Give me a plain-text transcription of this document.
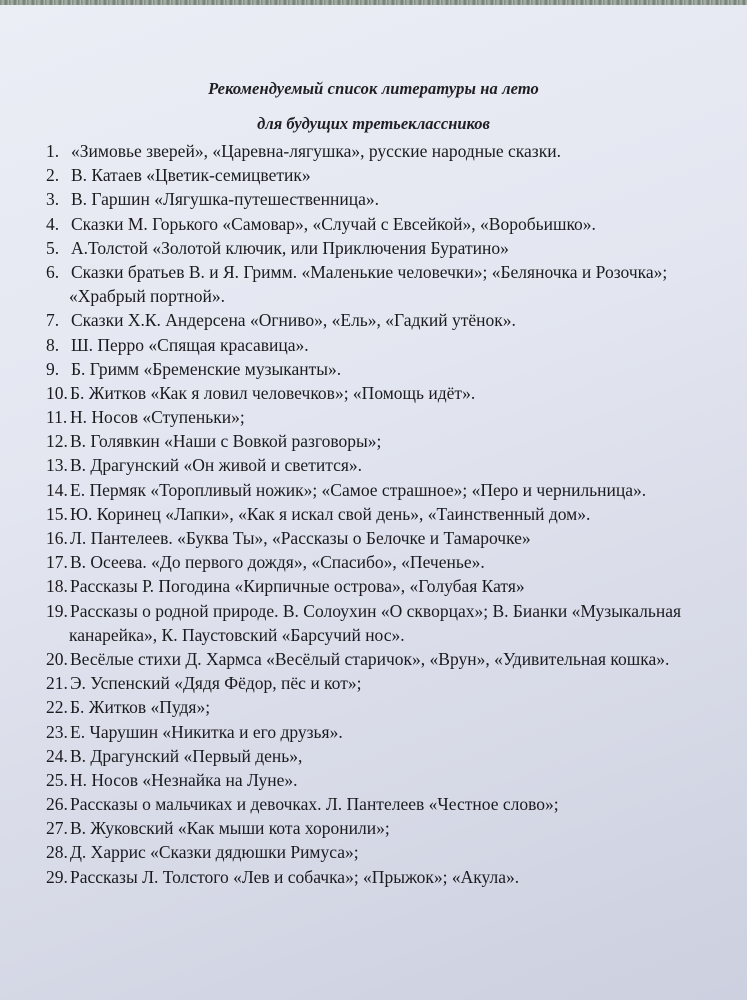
Рекомендуемый список литературы на лето
для будущих третьеклассников
1. «Зимовье зверей», «Царевна-лягушка», русские народные сказки.
2. В. Катаев «Цветик-семицветик»
3. В. Гаршин «Лягушка-путешественница».
4. Сказки М. Горького «Самовар», «Случай с Евсейкой», «Воробьишко».
5. А.Толстой «Золотой ключик, или Приключения Буратино»
6. Сказки братьев В. и Я. Гримм. «Маленькие человечки»; «Беляночка и Розочка»;
«Храбрый портной».
7. Сказки Х.К. Андерсена «Огниво», «Ель», «Гадкий утёнок».
8. Ш. Перро «Спящая красавица».
9. Б. Гримм «Бременские музыканты».
10. Б. Житков «Как я ловил человечков»; «Помощь идёт».
11. Н. Носов «Ступеньки»;
12. В. Голявкин «Наши с Вовкой разговоры»;
13. В. Драгунский «Он живой и светится».
14. Е. Пермяк «Торопливый ножик»; «Самое страшное»; «Перо и чернильница».
15. Ю. Коринец «Лапки», «Как я искал свой день», «Таинственный дом».
16. Л. Пантелеев. «Буква Ты», «Рассказы о Белочке и Тамарочке»
17. В. Осеева. «До первого дождя», «Спасибо», «Печенье».
18. Рассказы Р. Погодина «Кирпичные острова», «Голубая Катя»
19. Рассказы о родной природе. В. Солоухин «О скворцах»; В. Бианки «Музыкальная
канарейка», К. Паустовский «Барсучий нос».
20. Весёлые стихи Д. Хармса «Весёлый старичок», «Врун», «Удивительная кошка».
21. Э. Успенский «Дядя Фёдор, пёс и кот»;
22. Б. Житков «Пудя»;
23. Е. Чарушин «Никитка и его друзья».
24. В. Драгунский «Первый день»,
25. Н. Носов «Незнайка на Луне».
26. Рассказы о мальчиках и девочках. Л. Пантелеев «Честное слово»;
27. В. Жуковский «Как мыши кота хоронили»;
28. Д. Харрис «Сказки дядюшки Римуса»;
29. Рассказы Л. Толстого «Лев и собачка»; «Прыжок»; «Акула».
